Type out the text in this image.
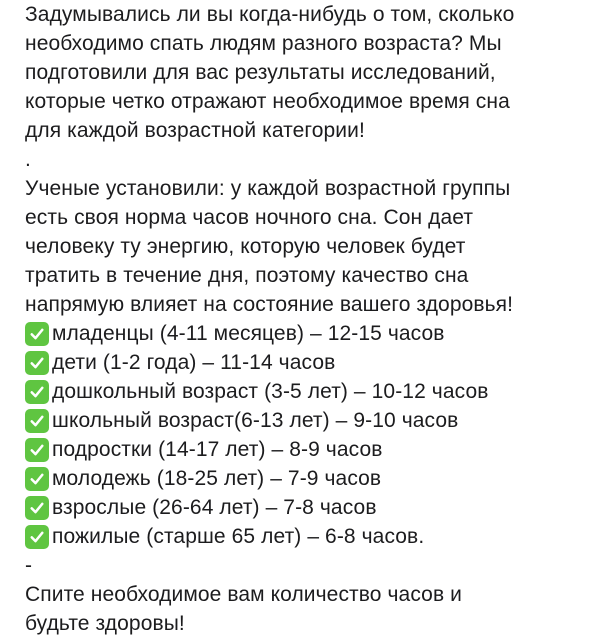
Задумывались ли вы когда-нибудь о том, сколько
необходимо спать людям разного возраста? Мы
подготовили для вас результаты исследований,
которые четко отражают необходимое время сна
для каждой возрастной категории!
.
Ученые установили: у каждой возрастной группы
есть своя норма часов ночного сна. Сон дает
человеку ту энергию, которую человек будет
тратить в течение дня, поэтому качество сна
напрямую влияет на состояние вашего здоровья!
младенцы (4-11 месяцев) – 12-15 часов
дети (1-2 года) – 11-14 часов
дошкольный возраст (3-5 лет) – 10-12 часов
школьный возраст(6-13 лет) – 9-10 часов
подростки (14-17 лет) – 8-9 часов
молодежь (18-25 лет) – 7-9 часов
взрослые (26-64 лет) – 7-8 часов
пожилые (старше 65 лет) – 6-8 часов.
-
Спите необходимое вам количество часов и
будьте здоровы!
